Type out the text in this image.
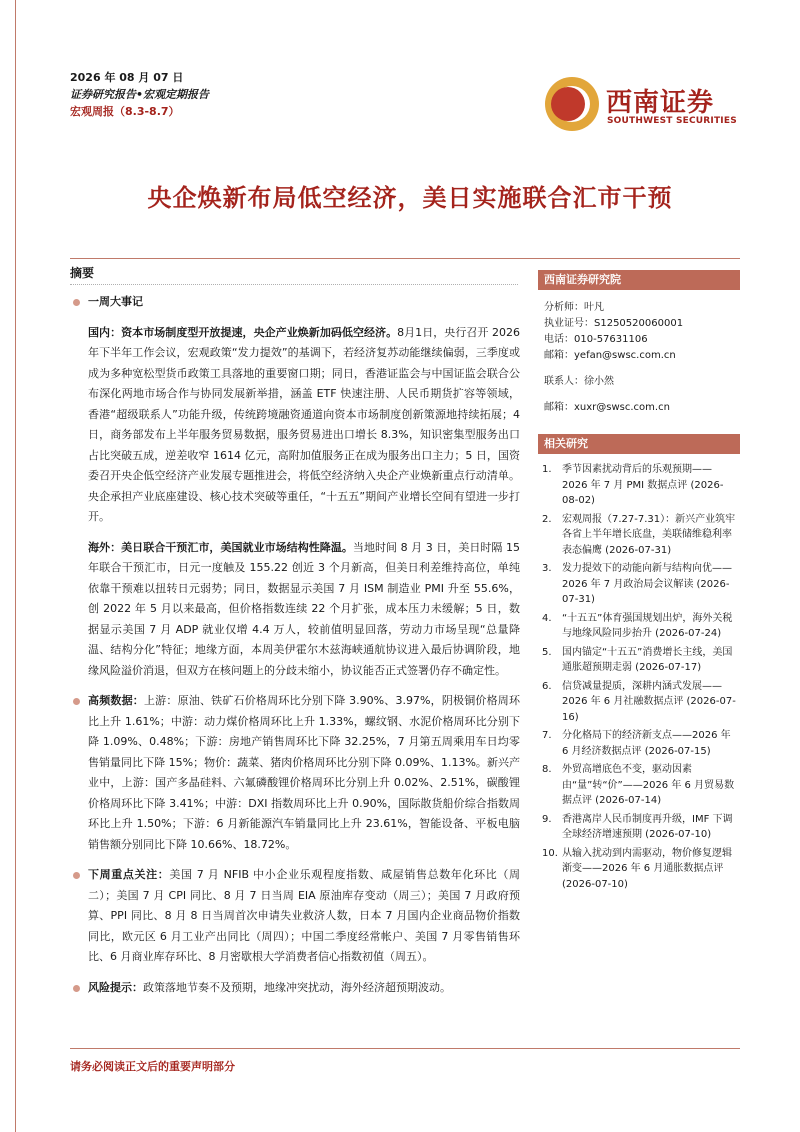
2026 年 08 月 07 日
证券研究报告•宏观定期报告
宏观周报（8.3-8.7）	西南证券
SOUTHWEST SECURITIES
央企焕新布局低空经济，美日实施联合汇市干预
摘要
一周大事记
国内：资本市场制度型开放提速，央企产业焕新加码低空经济。8月1日，央行召开 2026 年下半年工作会议，宏观政策“发力提效”的基调下，若经济复苏动能继续偏弱，三季度或成为多种宽松型货币政策工具落地的重要窗口期；同日，香港证监会与中国证监会联合公布深化两地市场合作与协同发展新举措，涵盖 ETF 快速注册、人民币期货扩容等领域，香港“超级联系人”功能升级，传统跨境融资通道向资本市场制度创新策源地持续拓展；4 日，商务部发布上半年服务贸易数据，服务贸易进出口增长 8.3%，知识密集型服务出口占比突破五成，逆差收窄 1614 亿元，高附加值服务正在成为服务出口主力；5 日，国资委召开央企低空经济产业发展专题推进会，将低空经济纳入央企产业焕新重点行动清单。央企承担产业底座建设、核心技术突破等重任，“十五五”期间产业增长空间有望进一步打开。
海外：美日联合干预汇市，美国就业市场结构性降温。当地时间 8 月 3 日，美日时隔 15 年联合干预汇市，日元一度触及 155.22 创近 3 个月新高，但美日利差维持高位，单纯依靠干预难以扭转日元弱势；同日，数据显示美国 7 月 ISM 制造业 PMI 升至 55.6%，创 2022 年 5 月以来最高，但价格指数连续 22 个月扩张，成本压力未缓解；5 日，数据显示美国 7 月 ADP 就业仅增 4.4 万人，较前值明显回落，劳动力市场呈现“总量降温、结构分化”特征；地缘方面，本周美伊霍尔木兹海峡通航协议进入最后协调阶段，地缘风险溢价消退，但双方在核问题上的分歧未缩小，协议能否正式签署仍存不确定性。
高频数据：上游：原油、铁矿石价格周环比分别下降 3.90%、3.97%，阴极铜价格周环比上升 1.61%；中游：动力煤价格周环比上升 1.33%，螺纹钢、水泥价格周环比分别下降 1.09%、0.48%；下游：房地产销售周环比下降 32.25%，7 月第五周乘用车日均零售销量同比下降 15%；物价：蔬菜、猪肉价格周环比分别下降 0.09%、1.13%。新兴产业中，上游：国产多晶硅料、六氟磷酸锂价格周环比分别上升 0.02%、2.51%，碳酸锂价格周环比下降 3.41%；中游：DXI 指数周环比上升 0.90%，国际散货船价综合指数周环比上升 1.50%；下游：6 月新能源汽车销量同比上升 23.61%，智能设备、平板电脑销售额分别同比下降 10.66%、18.72%。
下周重点关注：美国 7 月 NFIB 中小企业乐观程度指数、咸屋销售总数年化环比（周二）；美国 7 月 CPI 同比、8 月 7 日当周 EIA 原油库存变动（周三）；美国 7 月政府预算、PPI 同比、8 月 8 日当周首次申请失业救济人数，日本 7 月国内企业商品物价指数同比，欧元区 6 月工业产出同比（周四）；中国二季度经常帐户、美国 7 月零售销售环比、6 月商业库存环比、8 月密歇根大学消费者信心指数初值（周五）。
风险提示：政策落地节奏不及预期，地缘冲突扰动，海外经济超预期波动。
西南证券研究院
分析师：叶凡
执业证号：S1250520060001
电话：010-57631106
邮箱：yefan@swsc.com.cn
联系人：徐小然
邮箱：xuxr@swsc.com.cn
相关研究
1.	季节因素扰动背后的乐观预期——2026 年 7 月 PMI 数据点评 (2026-08-02)
2.	宏观周报（7.27-7.31）：新兴产业筑牢各省上半年增长底盘，美联储维稳利率表态偏鹰 (2026-07-31)
3.	发力提效下的动能向新与结构向优——2026 年 7 月政治局会议解读 (2026-07-31)
4.	“十五五”体育强国规划出炉，海外关税与地缘风险同步抬升 (2026-07-24)
5.	国内锚定“十五五”消费增长主线，美国通胀超预期走弱 (2026-07-17)
6.	信贷减量提质，深耕内涵式发展——2026 年 6 月社融数据点评 (2026-07-16)
7.	分化格局下的经济新支点——2026 年 6 月经济数据点评 (2026-07-15)
8.	外贸高增底色不变，驱动因素由“量”转“价”——2026 年 6 月贸易数据点评 (2026-07-14)
9.	香港离岸人民币制度再升级，IMF 下调全球经济增速预期 (2026-07-10)
10. 从输入扰动到内需驱动，物价修复逻辑渐变——2026 年 6 月通胀数据点评 (2026-07-10)
请务必阅读正文后的重要声明部分
